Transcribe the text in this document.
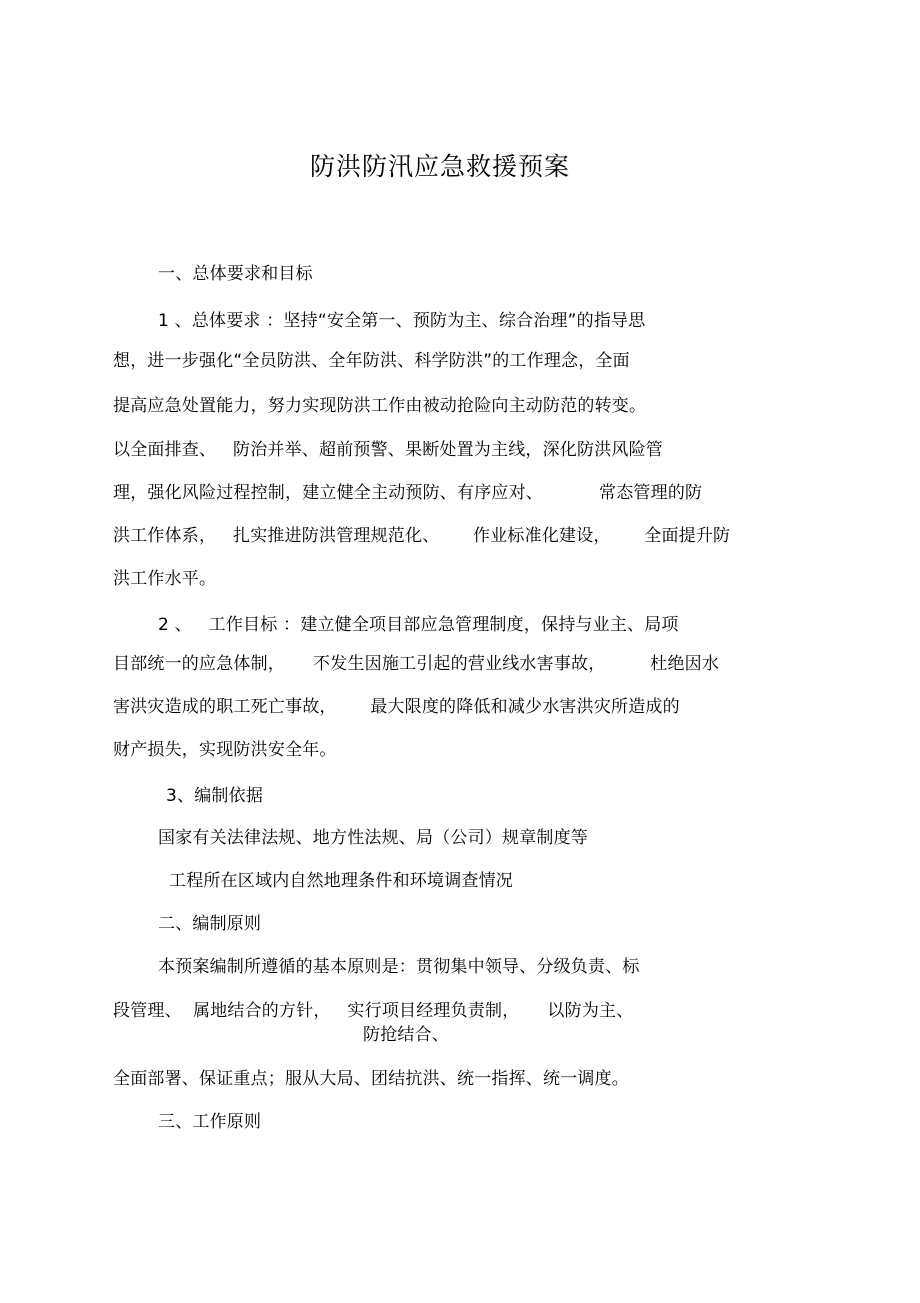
防洪防汛应急救援预案
一、总体要求和目标
1 、总体要求 ：坚持“安全第一、预防为主、综合治理”的指导思
想，进一步强化“全员防洪、全年防洪、科学防洪”的工作理念，全面
提高应急处置能力，努力实现防洪工作由被动抢险向主动防范的转变。
以全面排查、   防治并举、超前预警、果断处置为主线，深化防洪风险管
理，强化风险过程控制，建立健全主动预防、有序应对、          常态管理的防
洪工作体系，   扎实推进防洪管理规范化、      作业标准化建设，      全面提升防
洪工作水平。
2 、   工作目标 ：建立健全项目部应急管理制度，保持与业主、局项
目部统一的应急体制，     不发生因施工引起的营业线水害事故，        杜绝因水
害洪灾造成的职工死亡事故，      最大限度的降低和减少水害洪灾所造成的
财产损失，实现防洪安全年。
3、编制依据
国家有关法律法规、地方性法规、局（公司）规章制度等
工程所在区域内自然地理条件和环境调查情况
二、编制原则
本预案编制所遵循的基本原则是：贯彻集中领导、分级负责、标
段管理、  属地结合的方针，   实行项目经理负责制，     以防为主、
防抢结合、
全面部署、保证重点；服从大局、团结抗洪、统一指挥、统一调度。
三、工作原则
